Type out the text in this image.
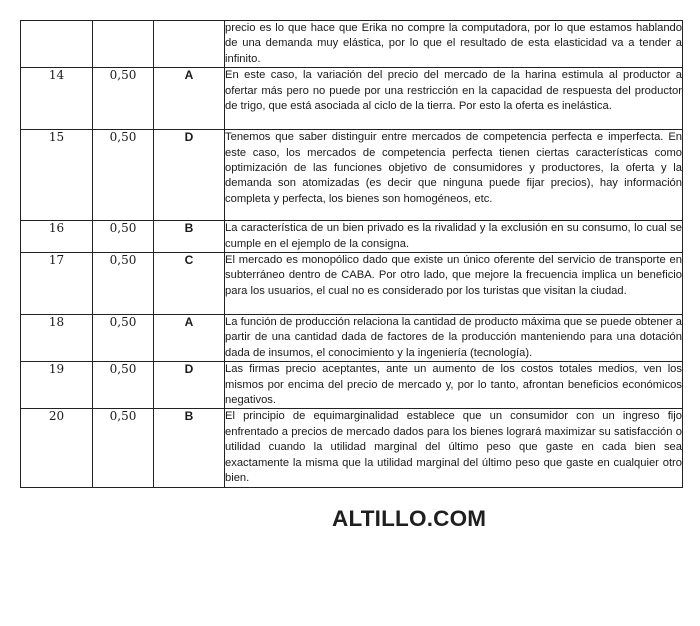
			precio es lo que hace que Erika no compre la computadora, por lo que estamos hablando de una demanda muy elástica, por lo que el resultado de esta elasticidad va a tender a infinito.
14	0,50	A	En este caso, la variación del precio del mercado de la harina estimula al productor a ofertar más pero no puede por una restricción en la capacidad de respuesta del productor de trigo, que está asociada al ciclo de la tierra. Por esto la oferta es inelástica.
15	0,50	D	Tenemos que saber distinguir entre mercados de competencia perfecta e imperfecta. En este caso, los mercados de competencia perfecta tienen ciertas características como optimización de las funciones objetivo de consumidores y productores, la oferta y la demanda son atomizadas (es decir que ninguna puede fijar precios), hay información completa y perfecta, los bienes son homogéneos, etc.
16	0,50	B	La característica de un bien privado es la rivalidad y la exclusión en su consumo, lo cual se cumple en el ejemplo de la consigna.
17	0,50	C	El mercado es monopólico dado que existe un único oferente del servicio de transporte en subterráneo dentro de CABA. Por otro lado, que mejore la frecuencia implica un beneficio para los usuarios, el cual no es considerado por los turistas que visitan la ciudad.
18	0,50	A	La función de producción relaciona la cantidad de producto máxima que se puede obtener a partir de una cantidad dada de factores de la producción manteniendo para una dotación dada de insumos, el conocimiento y la ingeniería (tecnología).
19	0,50	D	Las firmas precio aceptantes, ante un aumento de los costos totales medios, ven los mismos por encima del precio de mercado y, por lo tanto, afrontan beneficios económicos negativos.
20	0,50	B	El principio de equimarginalidad establece que un consumidor con un ingreso fijo enfrentado a precios de mercado dados para los bienes logrará maximizar su satisfacción o utilidad cuando la utilidad marginal del último peso que gaste en cada bien sea exactamente la misma que la utilidad marginal del último peso que gaste en cualquier otro bien.
ALTILLO.COM
